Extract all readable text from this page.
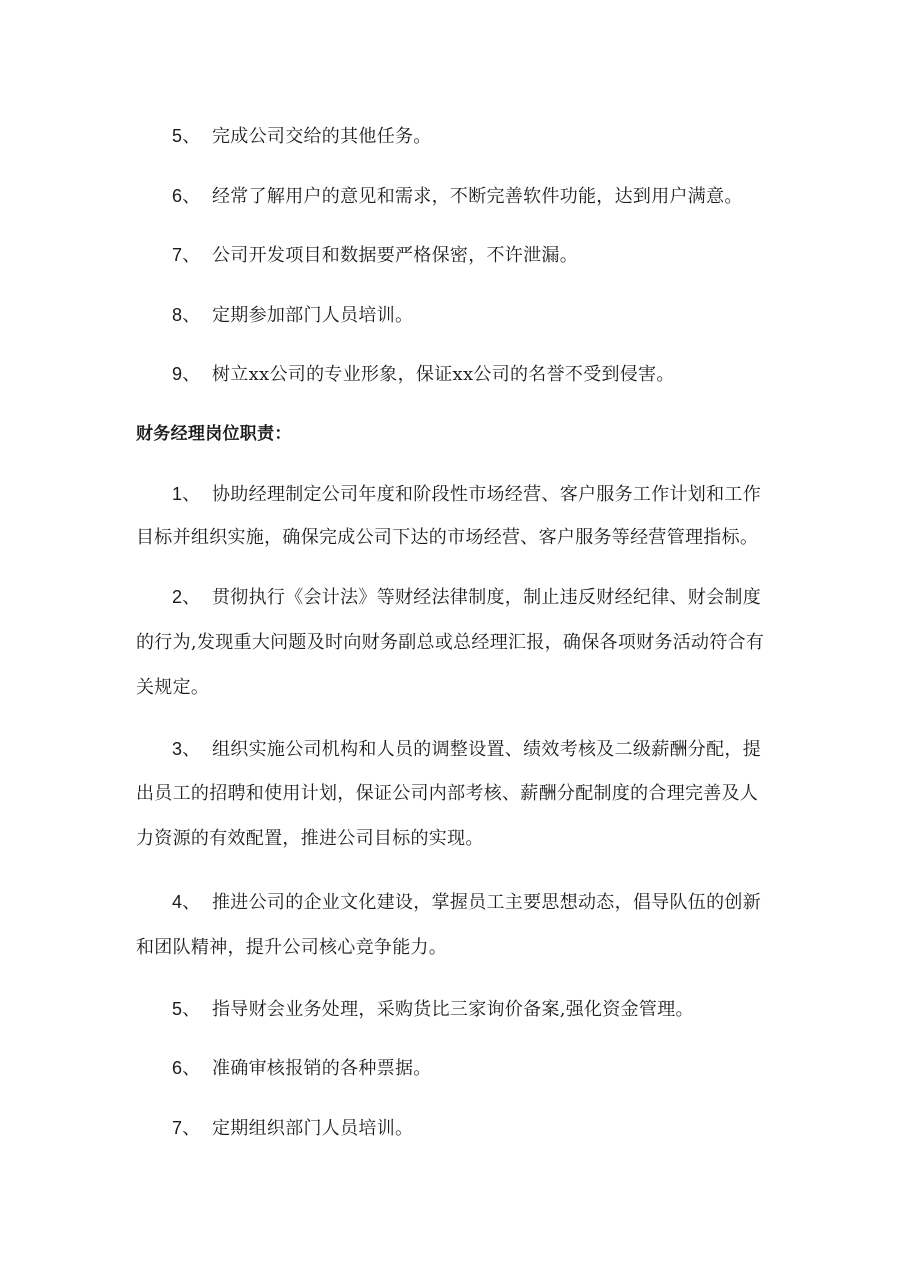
5、 完成公司交给的其他任务。
6、 经常了解用户的意见和需求，不断完善软件功能，达到用户满意。
7、 公司开发项目和数据要严格保密，不许泄漏。
8、 定期参加部门人员培训。
9、 树立xx公司的专业形象，保证xx公司的名誉不受到侵害。
财务经理岗位职责：
1、 协助经理制定公司年度和阶段性市场经营、客户服务工作计划和工作
目标并组织实施，确保完成公司下达的市场经营、客户服务等经营管理指标。
2、 贯彻执行《会计法》等财经法律制度，制止违反财经纪律、财会制度
的行为,发现重大问题及时向财务副总或总经理汇报，确保各项财务活动符合有
关规定。
3、 组织实施公司机构和人员的调整设置、绩效考核及二级薪酬分配，提
出员工的招聘和使用计划，保证公司内部考核、薪酬分配制度的合理完善及人
力资源的有效配置，推进公司目标的实现。
4、 推进公司的企业文化建设，掌握员工主要思想动态，倡导队伍的创新
和团队精神，提升公司核心竞争能力。
5、 指导财会业务处理，采购货比三家询价备案,强化资金管理。
6、 准确审核报销的各种票据。
7、 定期组织部门人员培训。
